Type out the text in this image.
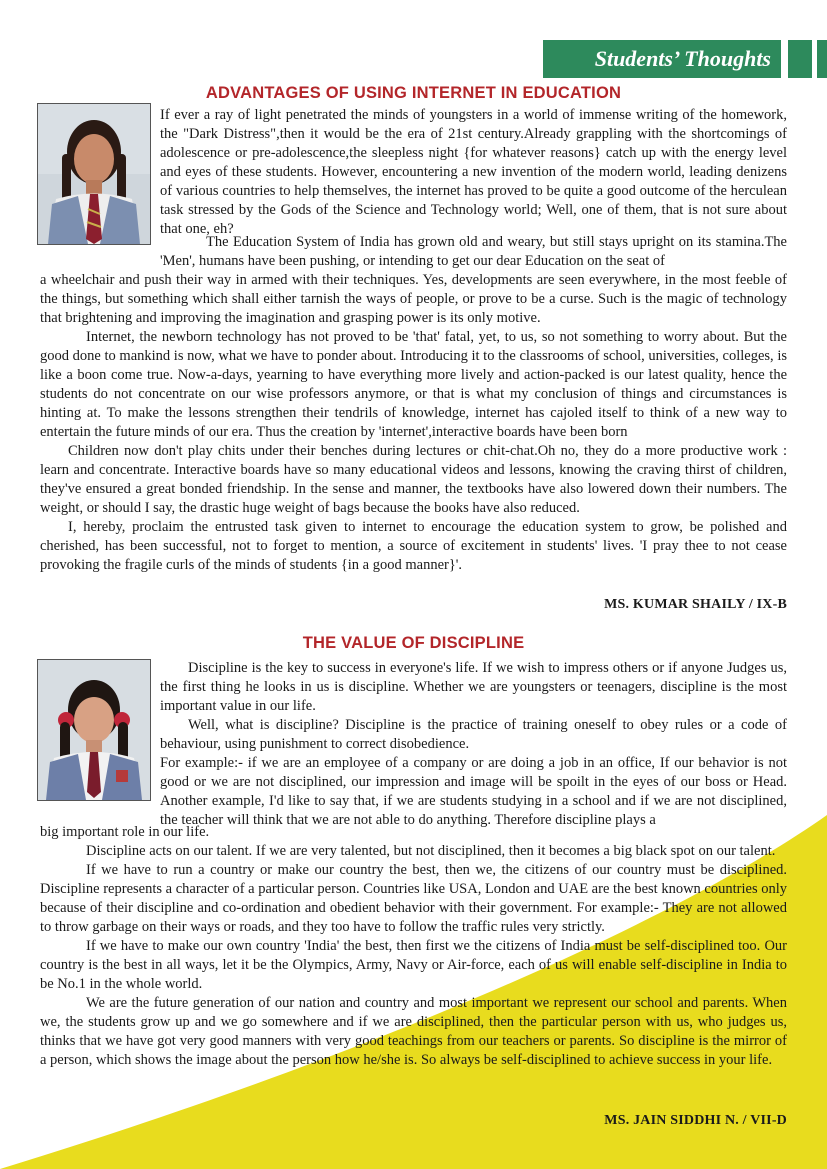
Students’ Thoughts
ADVANTAGES OF USING INTERNET IN EDUCATION

If ever a ray of light penetrated the minds of youngsters in a world of immense writing of the homework, the "Dark Distress",then it would be the era of 21st century.Already grappling with the shortcomings of adolescence or pre-adolescence,the sleepless night {for whatever reasons} catch up with the energy level and eyes of these students. However, encountering a new invention of the modern world, leading denizens of various countries to help themselves, the internet has proved to be quite a good outcome of the herculean task stressed by the Gods of the Science and Technology world; Well, one of them, that is not sure about that one, eh?

The Education System of India has grown old and weary, but still stays upright on its stamina.The 'Men', humans have been pushing, or intending to get our dear Education on the seat of

a wheelchair and push their way in armed with their techniques. Yes, developments are seen everywhere, in the most feeble of the things, but something which shall either tarnish the ways of people, or prove to be a curse. Such is the magic of technology that brightening and improving the imagination and grasping power is its only motive.

Internet, the newborn technology has not proved to be 'that' fatal, yet, to us, so not something to worry about. But the good done to mankind is now, what we have to ponder about. Introducing it to the classrooms of school, universities, colleges, is like a boon come true. Now-a-days, yearning to have everything more lively and action-packed is our latest quality, hence the students do not concentrate on our wise professors anymore, or that is what my conclusion of things and circumstances is hinting at. To make the lessons strengthen their tendrils of knowledge, internet has cajoled itself to think of a new way to entertain the future minds of our era. Thus the creation by 'internet',interactive boards have been born

Children now don't play chits under their benches during lectures or chit-chat.Oh no, they do a more productive work : learn and concentrate. Interactive boards have so many educational videos and lessons, knowing the craving thirst of children, they've ensured a great bonded friendship. In the sense and manner, the textbooks have also lowered down their numbers. The weight, or should I say, the drastic huge weight of bags because the books have also reduced.

I, hereby, proclaim the entrusted task given to internet to encourage the education system to grow, be polished and cherished, has been successful, not to forget to mention, a source of excitement in students' lives. 'I pray thee to not cease provoking the fragile curls of the minds of students {in a good manner}'.

MS. KUMAR SHAILY / IX-B
THE VALUE OF DISCIPLINE

Discipline is the key to success in everyone's life. If we wish to impress others or if anyone Judges us, the first thing he looks in us is discipline. Whether we are youngsters or teenagers, discipline is the most important value in our life.

Well, what is discipline? Discipline is the practice of training oneself to obey rules or a code of behaviour, using punishment to correct disobedience.

For example:- if we are an employee of a company or are doing a job in an office, If our behavior is not good or we are not disciplined, our impression and image will be spoilt in the eyes of our boss or Head. Another example, I'd like to say that, if we are students studying in a school and if we are not disciplined, the teacher will think that we are not able to do anything. Therefore discipline plays a

big important role in our life.

Discipline acts on our talent. If we are very talented, but not disciplined, then it becomes a big black spot on our talent.

If we have to run a country or make our country the best, then we, the citizens of our country must be disciplined. Discipline represents a character of a particular person. Countries like USA, London and UAE are the best known countries only because of their discipline and co-ordination and obedient behavior with their government. For example:- They are not allowed to throw garbage on their ways or roads, and they too have to follow the traffic rules very strictly.

If we have to make our own country 'India' the best, then first we the citizens of India must be self-disciplined too. Our country is the best in all ways, let it be the Olympics, Army, Navy or Air-force, each of us will enable self-discipline in India to be No.1 in the whole world.

We are the future generation of our nation and country and most important we represent our school and parents. When we, the students grow up and we go somewhere and if we are disciplined, then the particular person with us, who judges us, thinks that we have got very good manners with very good teachings from our teachers or parents. So discipline is the mirror of a person, which shows the image about the person how he/she is. So always be self-disciplined to achieve success in your life.

MS. JAIN SIDDHI N. / VII-D
